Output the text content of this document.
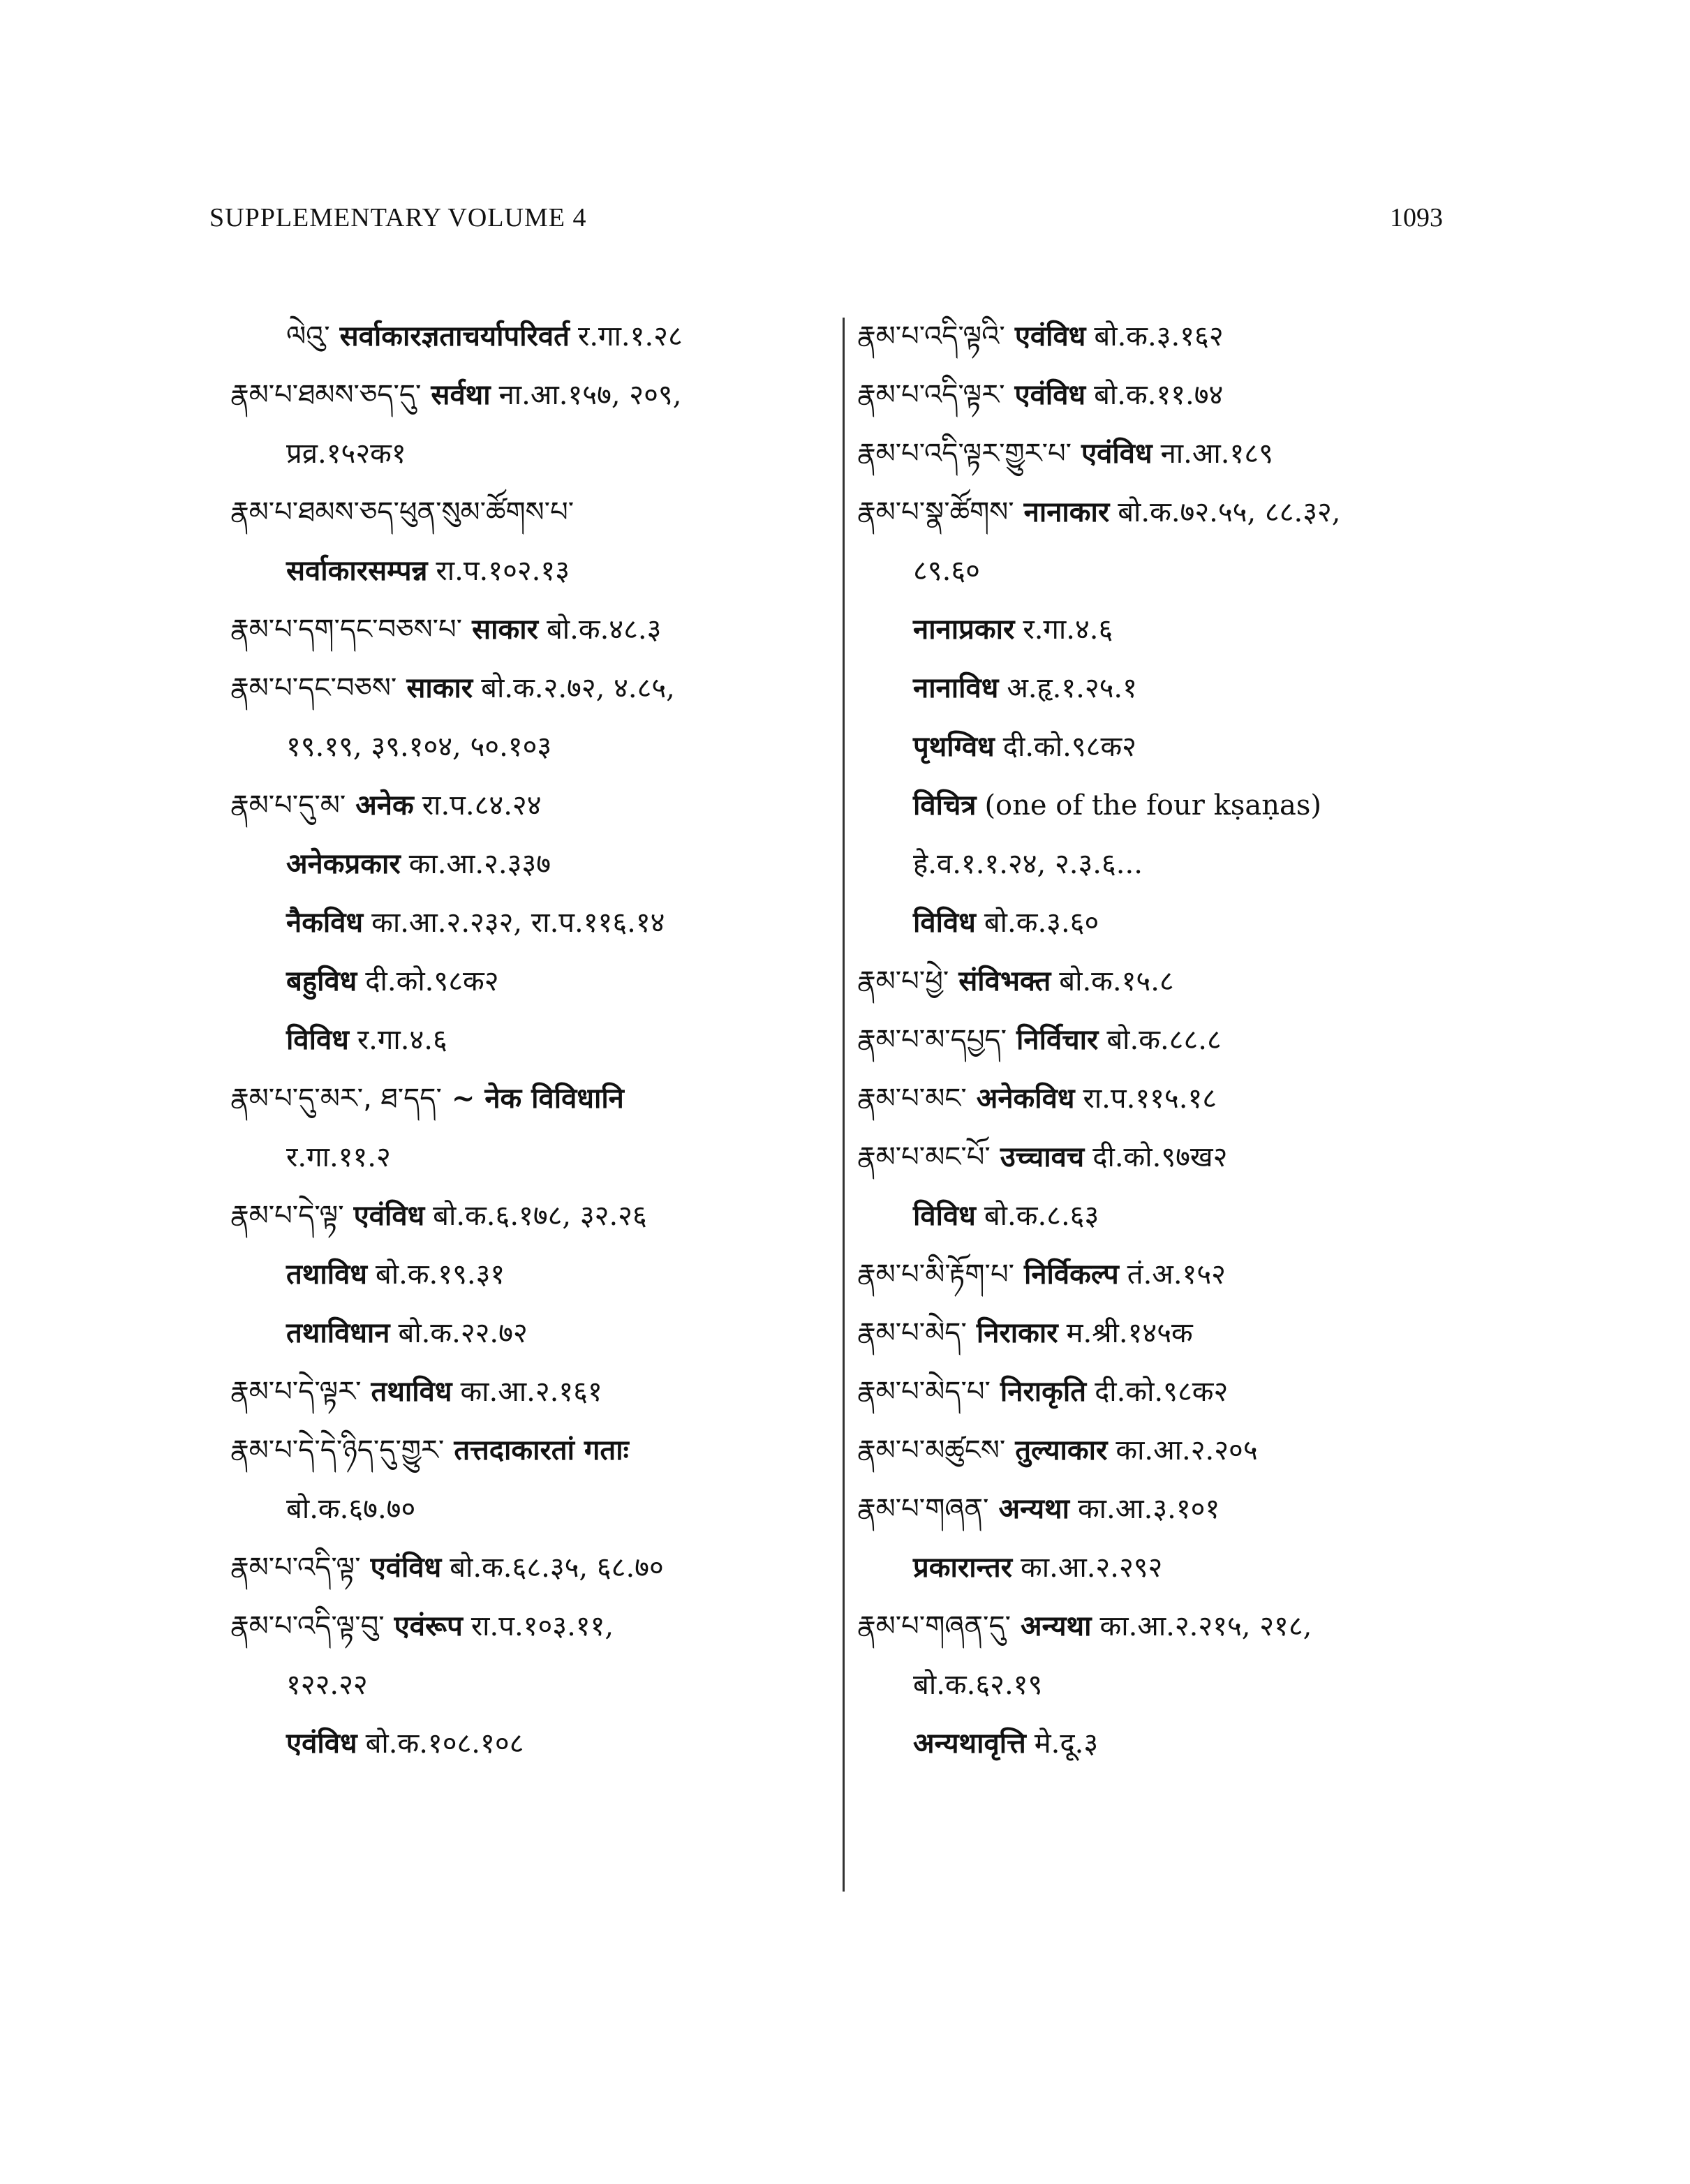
SUPPLEMENTARY VOLUME 4	1093
ལེའུ་ सर्वाकारज्ञताचर्यापरिवर्त र.गा.१.२८
རྣམ་པ་ཐམས་ཅད་དུ་ सर्वथा ना.आ.१५७, २०९,
प्रव्र.१५२क१
རྣམ་པ་ཐམས་ཅད་ཕུན་སུམ་ཚོགས་པ་
सर्वाकारसम्पन्न रा.प.१०२.१३
རྣམ་པ་དག་དང་བཅས་པ་ साकार बो.क.४८.३
རྣམ་པ་དང་བཅས་ साकार बो.क.२.७२, ४.८५,
१९.१९, ३९.१०४, ५०.१०३
རྣམ་པ་དུ་མ་ अनेक रा.प.८४.२४
अनेकप्रकार का.आ.२.३३७
नैकविध का.आ.२.२३२, रा.प.११६.१४
बहुविध दी.को.९८क२
विविध र.गा.४.६
རྣམ་པ་དུ་མར་, ཐ་དད་ ~ नेक विविधानि
र.गा.११.२
རྣམ་པ་དེ་ལྟ་ एवंविध बो.क.६.१७८, ३२.२६
तथाविध बो.क.१९.३१
तथाविधान बो.क.२२.७२
རྣམ་པ་དེ་ལྟར་ तथाविध का.आ.२.१६१
རྣམ་པ་དེ་དེ་ཉིད་དུ་གྱུར་ तत्तदाकारतां गताः
बो.क.६७.७०
རྣམ་པ་འདི་ལྟ་ एवंविध बो.क.६८.३५, ६८.७०
རྣམ་པ་འདི་ལྟ་བུ་ एवंरूप रा.प.१०३.११,
१२२.२२
एवंविध बो.क.१०८.१०८
རྣམ་པ་འདི་ལྟའི་ एवंविध बो.क.३.१६२
རྣམ་པ་འདི་ལྟར་ एवंविध बो.क.११.७४
རྣམ་པ་འདི་ལྟར་གྱུར་པ་ एवंविध ना.आ.१८९
རྣམ་པ་སྣ་ཚོགས་ नानाकार बो.क.७२.५५, ८८.३२,
८९.६०
नानाप्रकार र.गा.४.६
नानाविध अ.हृ.१.२५.१
पृथग्विध दी.को.९८क२
विचित्र (one of the four kṣaṇas)
हे.व.१.१.२४, २.३.६...
विविध बो.क.३.६०
རྣམ་པ་ཕྱེ་ संविभक्त बो.क.१५.८
རྣམ་པ་མ་དཔྱད་ निर्विचार बो.क.८८.८
རྣམ་པ་མང་ अनेकविध रा.प.११५.१८
རྣམ་པ་མང་པོ་ उच्चावच दी.को.९७ख२
विविध बो.क.८.६३
རྣམ་པ་མི་རྟོག་པ་ निर्विकल्प तं.अ.१५२
རྣམ་པ་མེད་ निराकार म.श्री.१४५क
རྣམ་པ་མེད་པ་ निराकृति दी.को.९८क२
རྣམ་པ་མཚུངས་ तुल्याकार का.आ.२.२०५
རྣམ་པ་གཞན་ अन्यथा का.आ.३.१०१
प्रकारान्तर का.आ.२.२९२
རྣམ་པ་གཞན་དུ་ अन्यथा का.आ.२.२१५, २१८,
बो.क.६२.१९
अन्यथावृत्ति मे.दू.३
